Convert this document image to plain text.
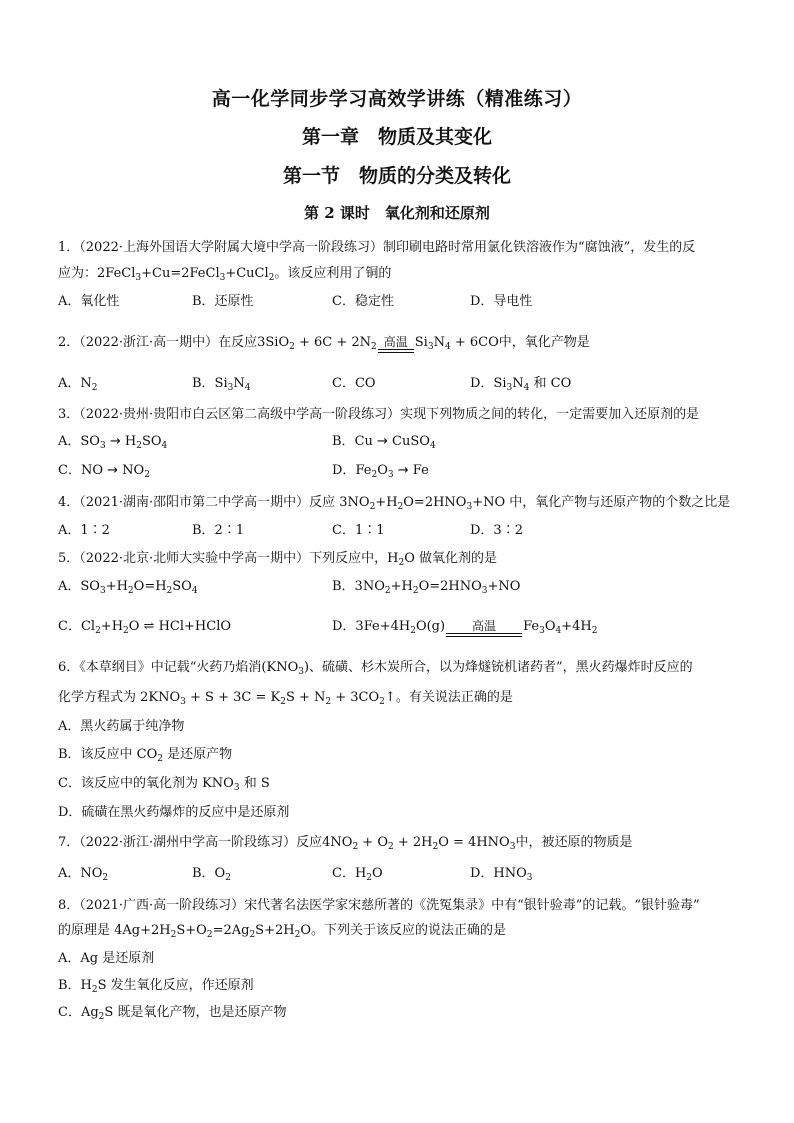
高一化学同步学习高效学讲练（精准练习）
第一章　物质及其变化
第一节　物质的分类及转化
第 2 课时　氧化剂和还原剂
1．（2022·上海外国语大学附属大境中学高一阶段练习）制印刷电路时常用氯化铁溶液作为“腐蚀液”，发生的反
应为：2FeCl$_3$+Cu=2FeCl$_3$+CuCl$_2$。该反应利用了铜的
A．氧化性	B．还原性	C．稳定性	D．导电性
2．（2022·浙江·高一期中）在反应$3SiO_2 + 6C + 2N_2$ 高温 $Si_3N_4 + 6CO$中，氧化产物是
A．$N_2$	B．$Si_3N_4$	C．CO	D．$Si_3N_4$ 和 CO
3．（2022·贵州·贵阳市白云区第二高级中学高一阶段练习）实现下列物质之间的转化，一定需要加入还原剂的是
A．$SO_3 \to H_2SO_4$	B．Cu → CuSO$_4$
C．NO → $NO_2$	D．$Fe_2O_3 \to Fe$
4．（2021·湖南·邵阳市第二中学高一期中）反应 $3NO_2+H_2O=2HNO_3+NO$ 中，氧化产物与还原产物的个数之比是
A．1∶2	B．2∶1	C．1∶1	D．3∶2
5．（2022·北京·北师大实验中学高一期中）下列反应中，$H_2O$ 做氧化剂的是
A．$SO_3+H_2O=H_2SO_4$	B．$3NO_2+H_2O=2HNO_3+NO$
C．$Cl_2+H_2O$ ⇌ HCl+HClO	D．$3Fe+4H_2O(g)$	高温	$Fe_3O_4+4H_2$
6．《本草纲目》中记载“火药乃焰消$(KNO_3)$、硫磺、杉木炭所合，以为烽燧铳机诸药者”，黑火药爆炸时反应的
化学方程式为 $2KNO_3 + S + 3C = K_2S + N_2$ + $3CO_2↑$。有关说法正确的是
A．黑火药属于纯净物
B．该反应中 $CO_2$ 是还原产物
C．该反应中的氧化剂为 $KNO_3$ 和 S
D．硫磺在黑火药爆炸的反应中是还原剂
7．（2022·浙江·湖州中学高一阶段练习）反应$4NO_2 + O_2 + 2H_2O = 4HNO_3$中，被还原的物质是
A．$NO_2$	B．$O_2$	C．$H_2O$	D．$HNO_3$
8．（2021·广西·高一阶段练习）宋代著名法医学家宋慈所著的《洗冤集录》中有“银针验毒”的记载。“银针验毒”
的原理是 $4Ag+2H_2S+O_2=2Ag_2S+2H_2O$。下列关于该反应的说法正确的是
A．Ag 是还原剂
B．$H_2S$ 发生氧化反应，作还原剂
C．$Ag_2S$ 既是氧化产物，也是还原产物
